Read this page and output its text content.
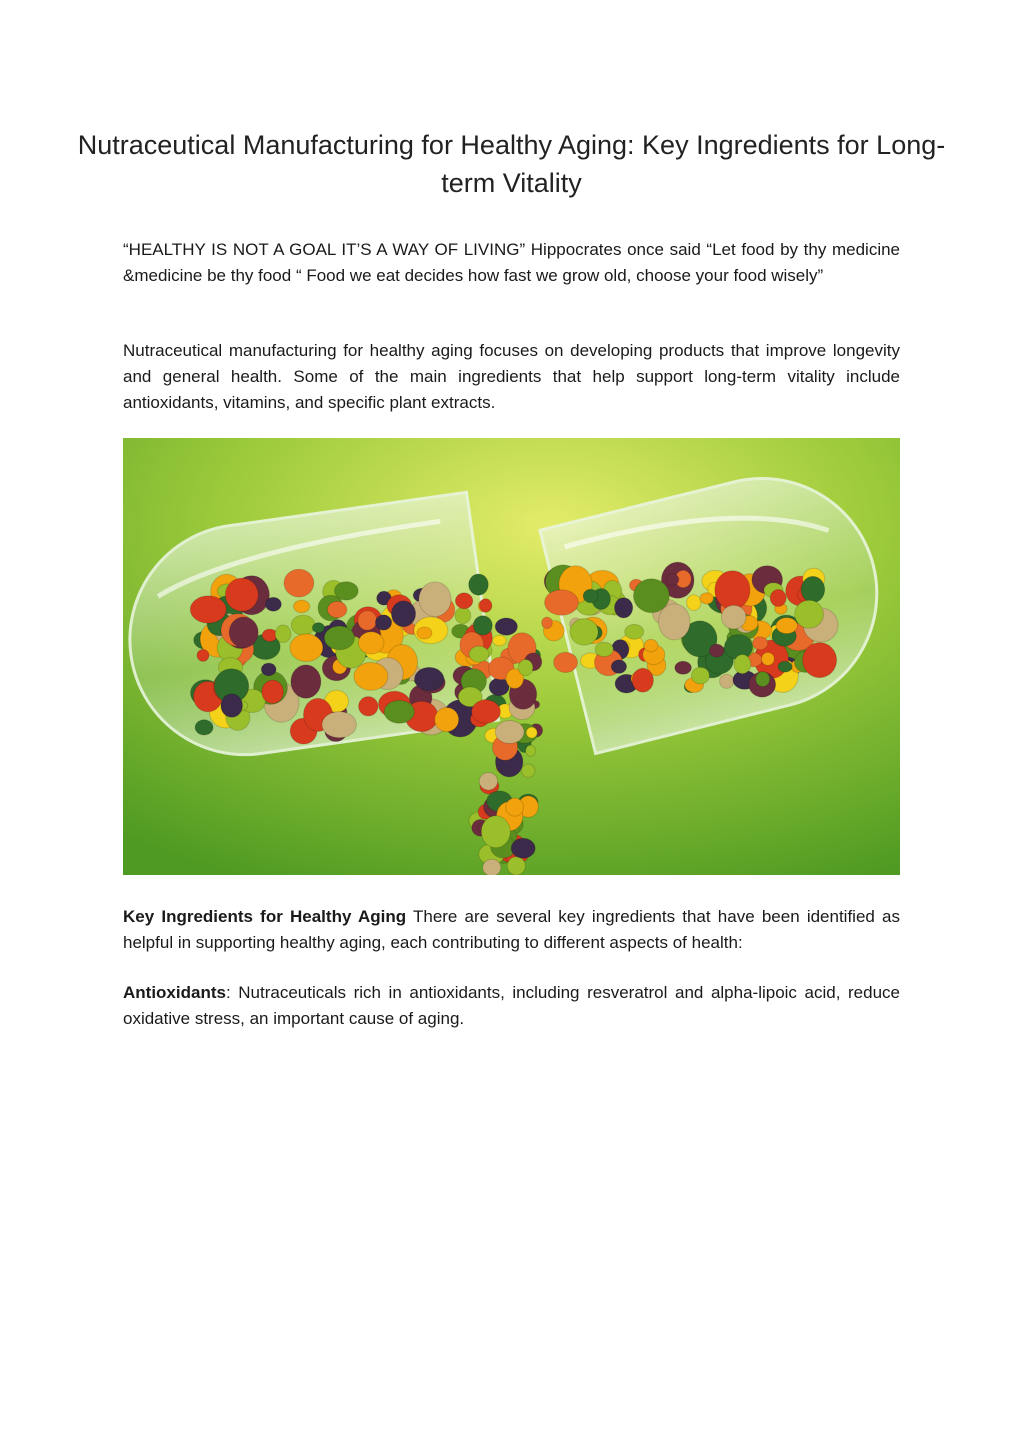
Nutraceutical Manufacturing for Healthy Aging: Key Ingredients for Long-term Vitality

“HEALTHY IS NOT A GOAL IT’S A WAY OF LIVING” Hippocrates once said “Let food by thy medicine &medicine be thy food “ Food we eat decides how fast we grow old, choose your food wisely”

Nutraceutical manufacturing for healthy aging focuses on developing products that improve longevity and general health. Some of the main ingredients that help support long-term vitality include antioxidants, vitamins, and specific plant extracts.

Key Ingredients for Healthy Aging There are several key ingredients that have been identified as helpful in supporting healthy aging, each contributing to different aspects of health:

Antioxidants: Nutraceuticals rich in antioxidants, including resveratrol and alpha-lipoic acid, reduce oxidative stress, an important cause of aging.
